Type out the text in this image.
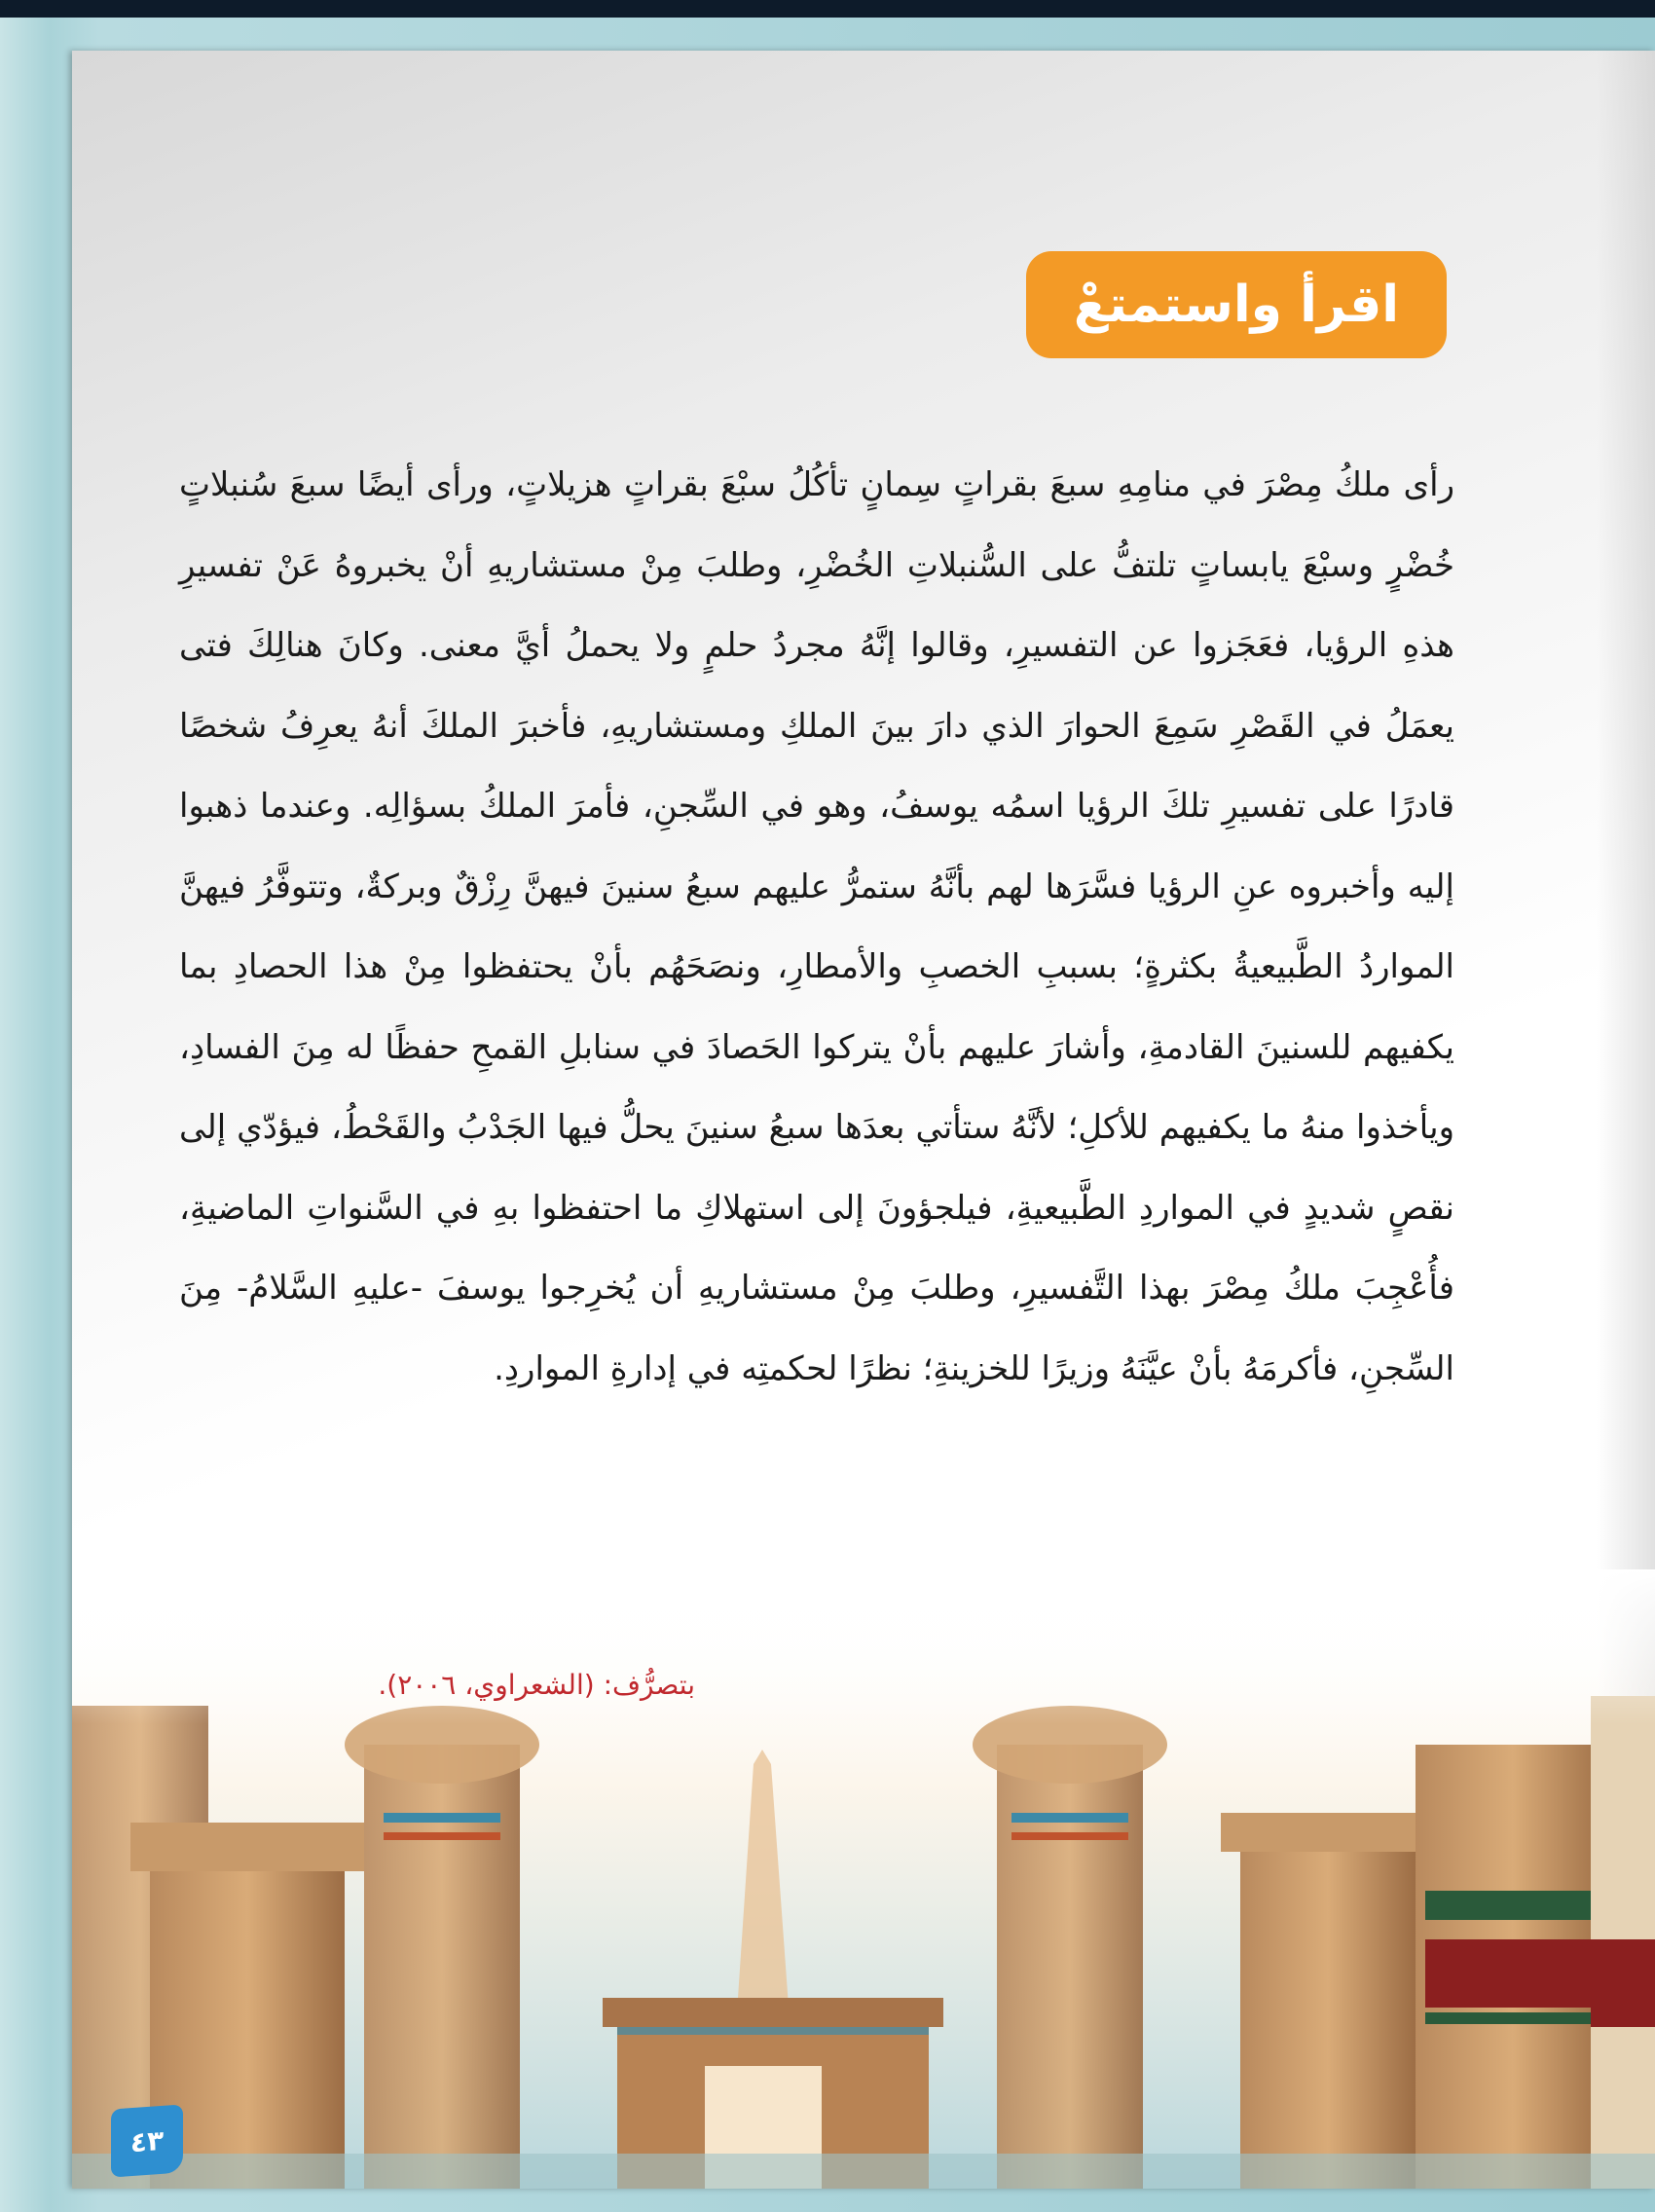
اقرأ واستمتعْ
رأى ملكُ مِصْرَ في منامِهِ سبعَ بقراتٍ سِمانٍ تأكُلُ سبْعَ بقراتٍ هزيلاتٍ، ورأى أيضًا سبعَ سُنبلاتٍ خُضْرٍ وسبْعَ يابساتٍ تلتفُّ على السُّنبلاتِ الخُضْرِ، وطلبَ مِنْ مستشاريهِ أنْ يخبروهُ عَنْ تفسيرِ هذهِ الرؤيا، فعَجَزوا عن التفسيرِ، وقالوا إنَّهُ مجردُ حلمٍ ولا يحملُ أيَّ معنى. وكانَ هنالِكَ فتى يعمَلُ في القَصْرِ سَمِعَ الحوارَ الذي دارَ بينَ الملكِ ومستشاريهِ، فأخبرَ الملكَ أنهُ يعرِفُ شخصًا قادرًا على تفسيرِ تلكَ الرؤيا اسمُه يوسفُ، وهو في السِّجنِ، فأمرَ الملكُ بسؤالِه. وعندما ذهبوا إليه وأخبروه عنِ الرؤيا فسَّرَها لهم بأنَّهُ ستمرُّ عليهم سبعُ سنينَ فيهنَّ رِزْقٌ وبركةٌ، وتتوفَّرُ فيهنَّ المواردُ الطَّبيعيةُ بكثرةٍ؛ بسببِ الخصبِ والأمطارِ، ونصَحَهُم بأنْ يحتفظوا مِنْ هذا الحصادِ بما يكفيهم للسنينَ القادمةِ، وأشارَ عليهم بأنْ يتركوا الحَصادَ في سنابلِ القمحِ حفظًا له مِنَ الفسادِ، ويأخذوا منهُ ما يكفيهم للأكلِ؛ لأنَّهُ ستأتي بعدَها سبعُ سنينَ يحلُّ فيها الجَدْبُ والقَحْطُ، فيؤدّي إلى نقصٍ شديدٍ في المواردِ الطَّبيعيةِ، فيلجؤونَ إلى استهلاكِ ما احتفظوا بهِ في السَّنواتِ الماضيةِ، فأُعْجِبَ ملكُ مِصْرَ بهذا التَّفسيرِ، وطلبَ مِنْ مستشاريهِ أن يُخرِجوا يوسفَ -عليهِ السَّلامُ- مِنَ السِّجنِ، فأكرمَهُ بأنْ عيَّنَهُ وزيرًا للخزينةِ؛ نظرًا لحكمتِه في إدارةِ المواردِ.
بتصرُّف: (الشعراوي، ٢٠٠٦).
٤٣
